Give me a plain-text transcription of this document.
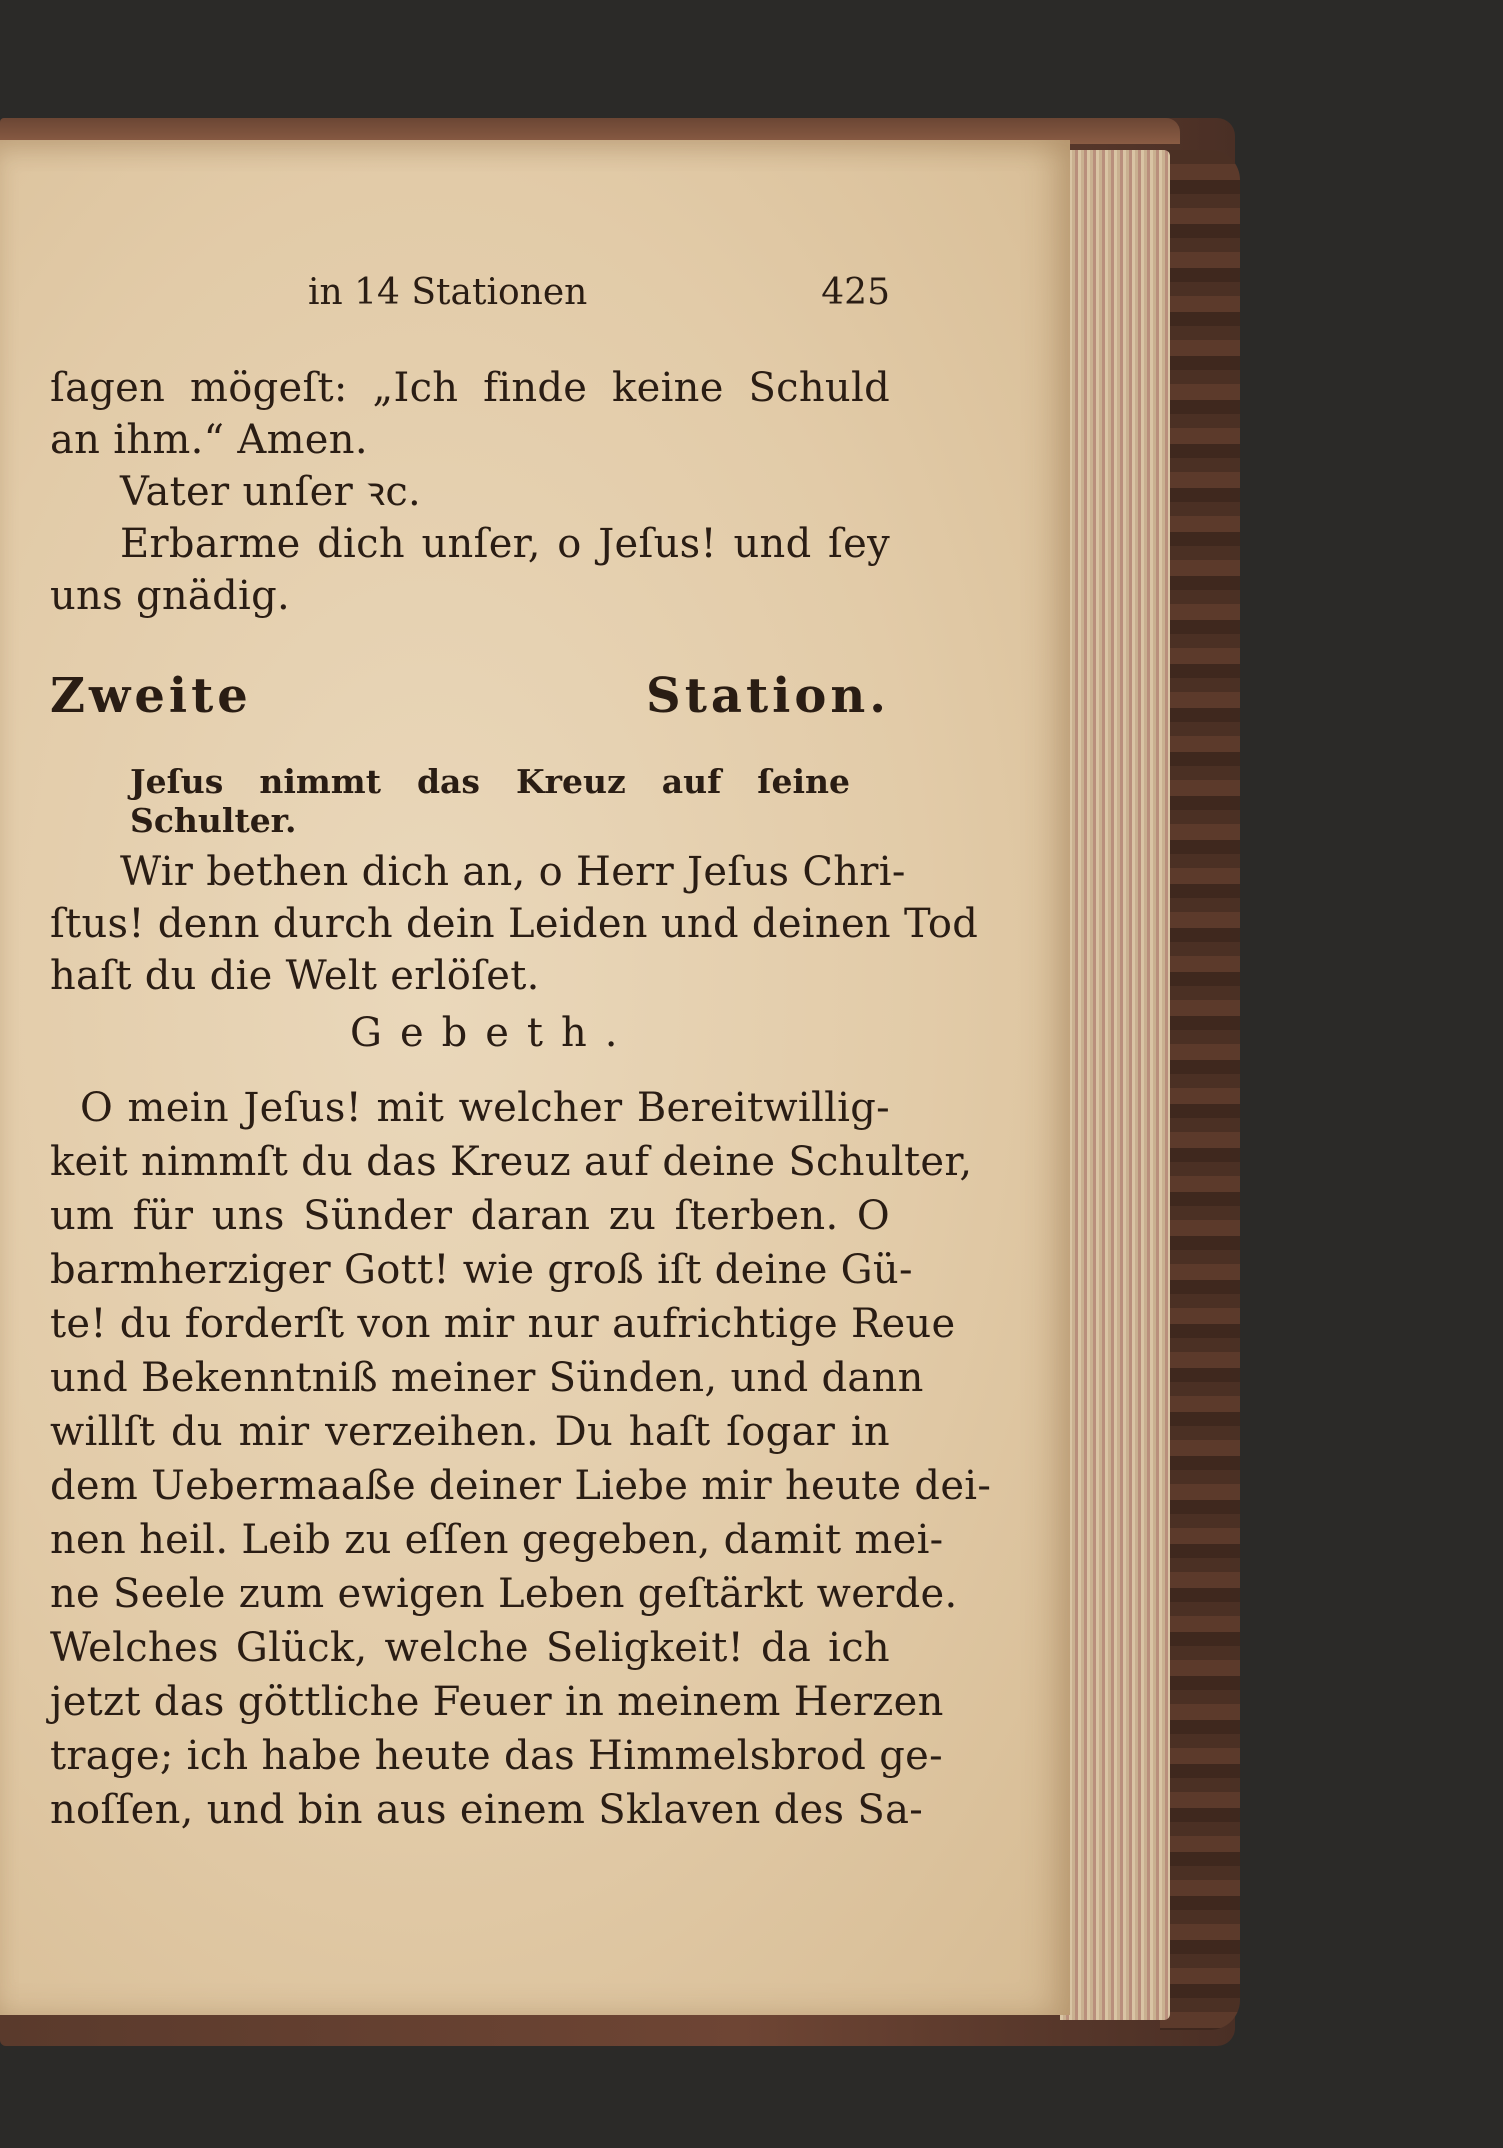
in 14 Stationen	425
ſagen mögeſt: „Ich finde keine Schuld
an ihm.“ Amen.
Vater unſer ꝛc.
Erbarme dich unſer, o Jeſus! und ſey
uns gnädig.
Zweite Station.
Jeſus nimmt das Kreuz auf ſeine Schulter.
Wir bethen dich an, o Herr Jeſus Chri-
ſtus! denn durch dein Leiden und deinen Tod
haſt du die Welt erlöſet.
Gebeth.
O mein Jeſus! mit welcher Bereitwillig-
keit nimmſt du das Kreuz auf deine Schulter,
um für uns Sünder daran zu ſterben. O
barmherziger Gott! wie groß iſt deine Gü-
te! du forderſt von mir nur aufrichtige Reue
und Bekenntniß meiner Sünden, und dann
willſt du mir verzeihen. Du haſt ſogar in
dem Uebermaaße deiner Liebe mir heute dei-
nen heil. Leib zu eſſen gegeben, damit mei-
ne Seele zum ewigen Leben geſtärkt werde.
Welches Glück, welche Seligkeit! da ich
jetzt das göttliche Feuer in meinem Herzen
trage; ich habe heute das Himmelsbrod ge-
noſſen, und bin aus einem Sklaven des Sa-
